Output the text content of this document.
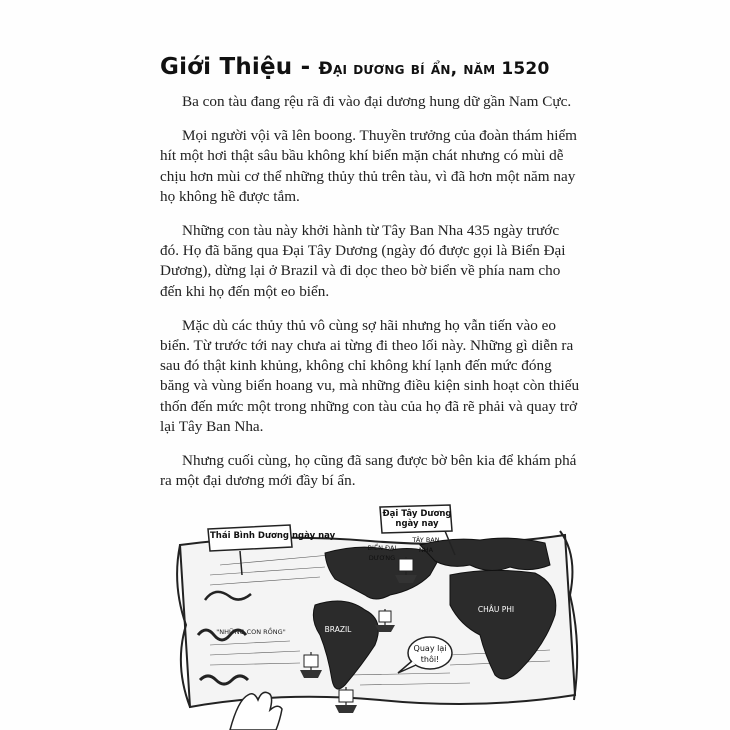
Giới Thiệu - Đại dương bí ẩn, năm 1520

Ba con tàu đang rệu rã đi vào đại dương hung dữ gần Nam Cực.

Mọi người vội vã lên boong. Thuyền trưởng của đoàn thám hiểm hít một hơi thật sâu bầu không khí biển mặn chát nhưng có mùi dễ chịu hơn mùi cơ thể những thủy thủ trên tàu, vì đã hơn một năm nay họ không hề được tắm.

Những con tàu này khởi hành từ Tây Ban Nha 435 ngày trước đó. Họ đã băng qua Đại Tây Dương (ngày đó được gọi là Biển Đại Dương), dừng lại ở Brazil và đi dọc theo bờ biển về phía nam cho đến khi họ đến một eo biển.

Mặc dù các thủy thủ vô cùng sợ hãi nhưng họ vẫn tiến vào eo biển. Từ trước tới nay chưa ai từng đi theo lối này. Những gì diễn ra sau đó thật kinh khủng, không chỉ không khí lạnh đến mức đóng băng và vùng biển hoang vu, mà những điều kiện sinh hoạt còn thiếu thốn đến mức một trong những con tàu của họ đã rẽ phải và quay trở lại Tây Ban Nha.

Nhưng cuối cùng, họ cũng đã sang được bờ bên kia để khám phá ra một đại dương mới đầy bí ẩn.

Thái Bình Dương ngày nay
Đại Tây Dương ngày nay
BIỂN ĐẠI DƯƠNG
TÂY BAN NHA
CHÂU PHI
BRAZIL
"NHỮNG CON RỒNG"
Quay lại thôi!
